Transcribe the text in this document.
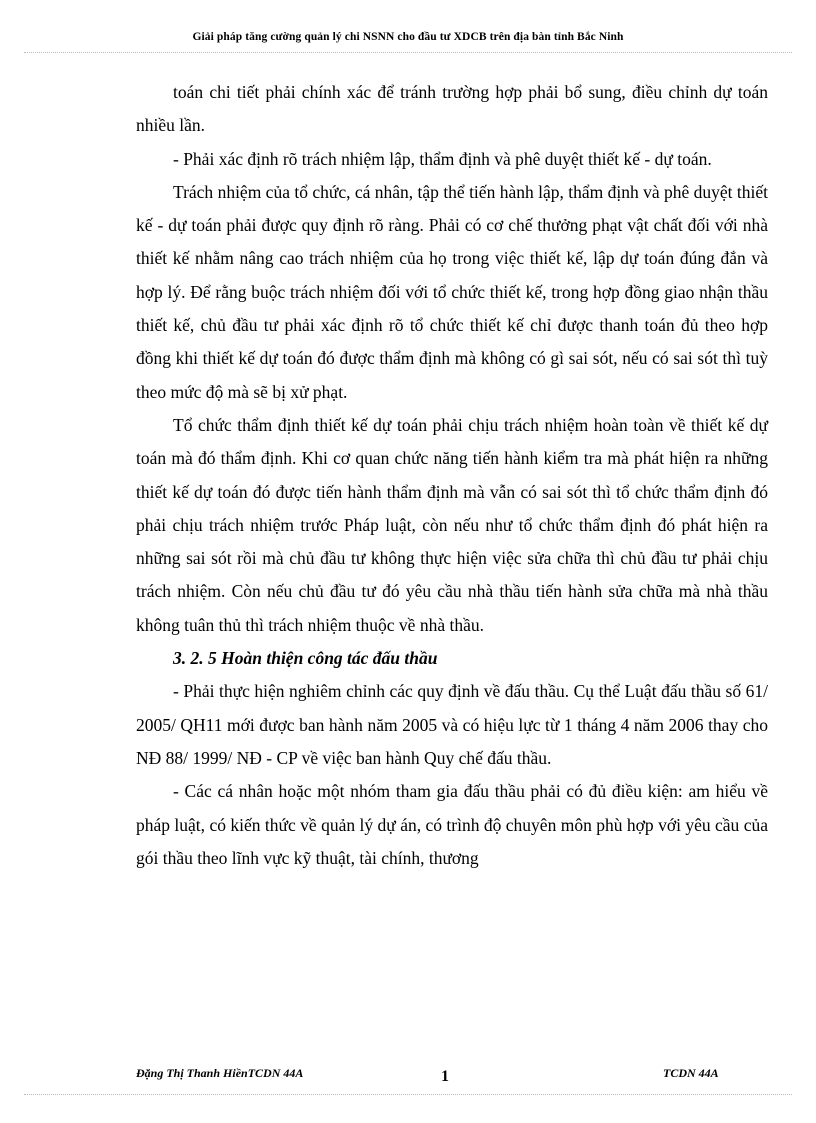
Giải pháp tăng cường quản lý chi NSNN cho đầu tư XDCB trên địa bàn tỉnh Bắc Ninh

toán chi tiết phải chính xác để tránh trường hợp phải bổ sung, điều chỉnh dự toán nhiều lần.

- Phải xác định rõ trách nhiệm lập, thẩm định và phê duyệt thiết kế - dự toán.

Trách nhiệm của tổ chức, cá nhân, tập thể tiến hành lập, thẩm định và phê duyệt thiết kế - dự toán phải được quy định rõ ràng. Phải có cơ chế thưởng phạt vật chất đối với nhà thiết kế nhằm nâng cao trách nhiệm của họ trong việc thiết kế, lập dự toán đúng đắn và hợp lý. Để rằng buộc trách nhiệm đối với tổ chức thiết kế, trong hợp đồng giao nhận thầu thiết kế, chủ đầu tư phải xác định rõ tổ chức thiết kế chỉ được thanh toán đủ theo hợp đồng khi thiết kế dự toán đó được thẩm định mà không có gì sai sót, nếu có sai sót thì tuỳ theo mức độ mà sẽ bị xử phạt.

Tổ chức thẩm định thiết kế dự toán phải chịu trách nhiệm hoàn toàn về thiết kế dự toán mà đó thẩm định. Khi cơ quan chức năng tiến hành kiểm tra mà phát hiện ra những thiết kế dự toán đó được tiến hành thẩm định mà vẫn có sai sót thì tổ chức thẩm định đó phải chịu trách nhiệm trước Pháp luật, còn nếu như tổ chức thẩm định đó phát hiện ra những sai sót rồi mà chủ đầu tư không thực hiện việc sửa chữa thì chủ đầu tư phải chịu trách nhiệm. Còn nếu chủ đầu tư đó yêu cầu nhà thầu tiến hành sửa chữa mà nhà thầu không tuân thủ thì trách nhiệm thuộc về nhà thầu.

3. 2. 5 Hoàn thiện công tác đấu thầu

- Phải thực hiện nghiêm chỉnh các quy định về đấu thầu. Cụ thể Luật đấu thầu số 61/ 2005/ QH11 mới được ban hành năm 2005 và có hiệu lực từ 1 tháng 4 năm 2006 thay cho NĐ 88/ 1999/ NĐ - CP về việc ban hành Quy chế đấu thầu.

- Các cá nhân hoặc một nhóm tham gia đấu thầu phải có đủ điều kiện: am hiểu về pháp luật, có kiến thức về quản lý dự án, có trình độ chuyên môn phù hợp với yêu cầu của gói thầu theo lĩnh vực kỹ thuật, tài chính, thương

Đặng Thị Thanh HiềnTCDN 44A	1	TCDN 44A
